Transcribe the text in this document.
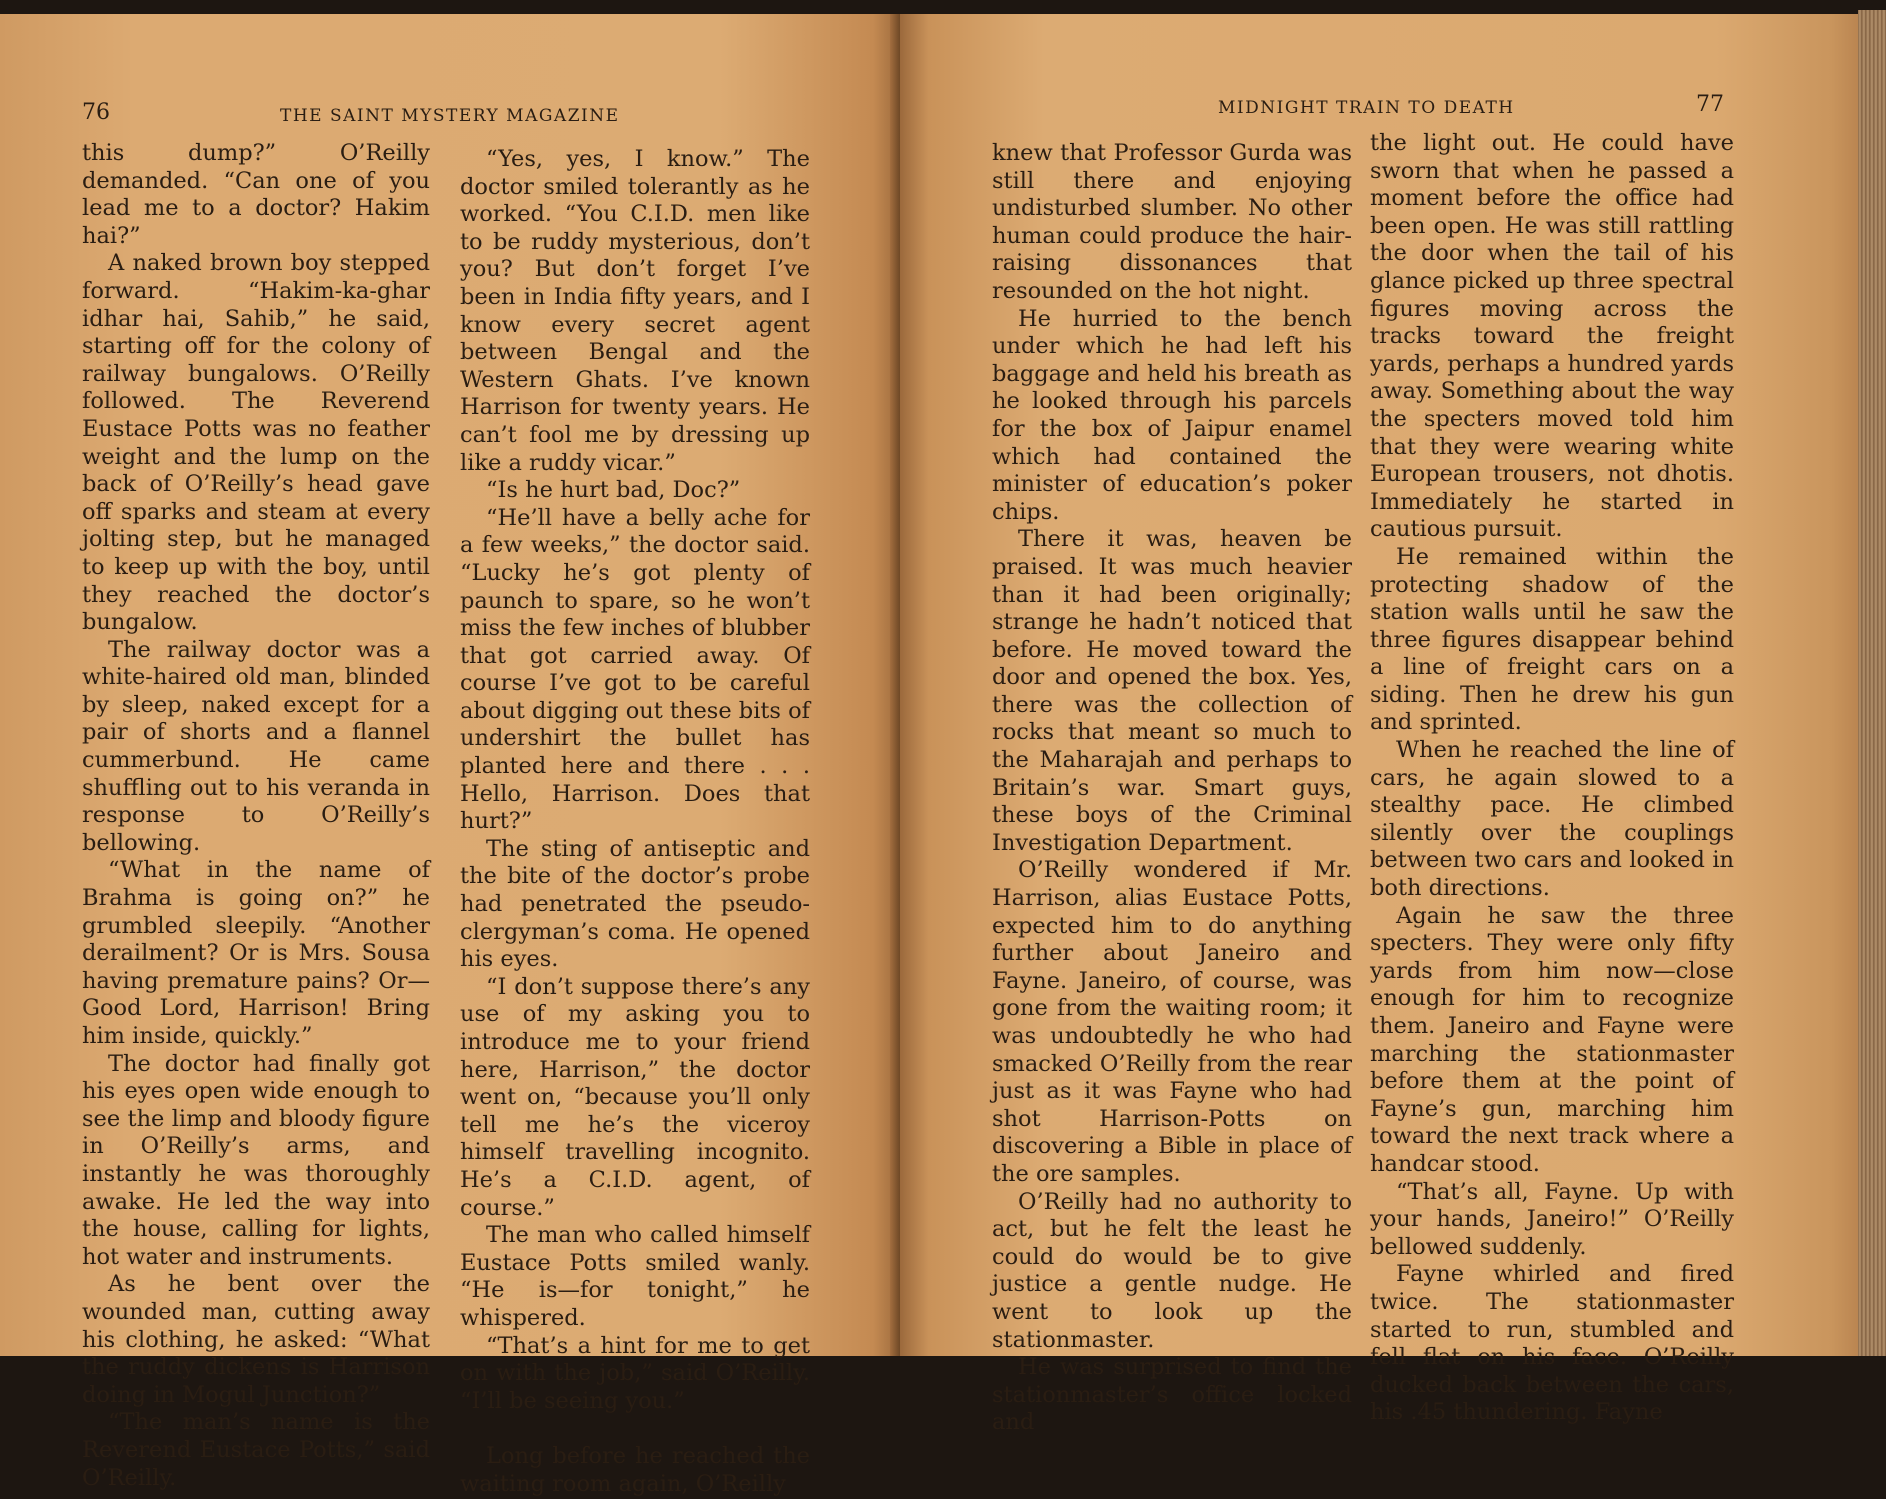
76	THE SAINT MYSTERY MAGAZINE

this dump?” O’Reilly demanded. “Can one of you lead me to a doctor? Hakim hai?”

A naked brown boy stepped forward. “Hakim-ka-ghar idhar hai, Sahib,” he said, starting off for the colony of railway bungalows. O’Reilly followed. The Reverend Eustace Potts was no feather weight and the lump on the back of O’Reilly’s head gave off sparks and steam at every jolting step, but he managed to keep up with the boy, until they reached the doctor’s bungalow.

The railway doctor was a white-haired old man, blinded by sleep, naked except for a pair of shorts and a flannel cummerbund. He came shuffling out to his veranda in response to O’Reilly’s bellowing.

“What in the name of Brahma is going on?” he grumbled sleepily. “Another derailment? Or is Mrs. Sousa having premature pains? Or—Good Lord, Harrison! Bring him inside, quickly.”

The doctor had finally got his eyes open wide enough to see the limp and bloody figure in O’Reilly’s arms, and instantly he was thoroughly awake. He led the way into the house, calling for lights, hot water and instruments.

As he bent over the wounded man, cutting away his clothing, he asked: “What the ruddy dickens is Harrison doing in Mogul Junction?”

“The man’s name is the Reverend Eustace Potts,” said O’Reilly.

“Yes, yes, I know.” The doctor smiled tolerantly as he worked. “You C.I.D. men like to be ruddy mysterious, don’t you? But don’t forget I’ve been in India fifty years, and I know every secret agent between Bengal and the Western Ghats. I’ve known Harrison for twenty years. He can’t fool me by dressing up like a ruddy vicar.”

“Is he hurt bad, Doc?”

“He’ll have a belly ache for a few weeks,” the doctor said. “Lucky he’s got plenty of paunch to spare, so he won’t miss the few inches of blubber that got carried away. Of course I’ve got to be careful about digging out these bits of undershirt the bullet has planted here and there . . . Hello, Harrison. Does that hurt?”

The sting of antiseptic and the bite of the doctor’s probe had penetrated the pseudo-clergyman’s coma. He opened his eyes.

“I don’t suppose there’s any use of my asking you to introduce me to your friend here, Harrison,” the doctor went on, “because you’ll only tell me he’s the viceroy himself travelling incognito. He’s a C.I.D. agent, of course.”

The man who called himself Eustace Potts smiled wanly. “He is—for tonight,” he whispered.

“That’s a hint for me to get on with the job,” said O’Reilly. “I’ll be seeing you.”

Long before he reached the waiting room again, O’Reilly

MIDNIGHT TRAIN TO DEATH	77

knew that Professor Gurda was still there and enjoying undisturbed slumber. No other human could produce the hair-raising dissonances that resounded on the hot night.

He hurried to the bench under which he had left his baggage and held his breath as he looked through his parcels for the box of Jaipur enamel which had contained the minister of education’s poker chips.

There it was, heaven be praised. It was much heavier than it had been originally; strange he hadn’t noticed that before. He moved toward the door and opened the box. Yes, there was the collection of rocks that meant so much to the Maharajah and perhaps to Britain’s war. Smart guys, these boys of the Criminal Investigation Department.

O’Reilly wondered if Mr. Harrison, alias Eustace Potts, expected him to do anything further about Janeiro and Fayne. Janeiro, of course, was gone from the waiting room; it was undoubtedly he who had smacked O’Reilly from the rear just as it was Fayne who had shot Harrison-Potts on discovering a Bible in place of the ore samples.

O’Reilly had no authority to act, but he felt the least he could do would be to give justice a gentle nudge. He went to look up the stationmaster.

He was surprised to find the stationmaster’s office locked and

the light out. He could have sworn that when he passed a moment before the office had been open. He was still rattling the door when the tail of his glance picked up three spectral figures moving across the tracks toward the freight yards, perhaps a hundred yards away. Something about the way the specters moved told him that they were wearing white European trousers, not dhotis. Immediately he started in cautious pursuit.

He remained within the protecting shadow of the station walls until he saw the three figures disappear behind a line of freight cars on a siding. Then he drew his gun and sprinted.

When he reached the line of cars, he again slowed to a stealthy pace. He climbed silently over the couplings between two cars and looked in both directions.

Again he saw the three specters. They were only fifty yards from him now—close enough for him to recognize them. Janeiro and Fayne were marching the stationmaster before them at the point of Fayne’s gun, marching him toward the next track where a handcar stood.

“That’s all, Fayne. Up with your hands, Janeiro!” O’Reilly bellowed suddenly.

Fayne whirled and fired twice. The stationmaster started to run, stumbled and fell flat on his face. O’Reilly ducked back between the cars, his .45 thundering. Fayne
